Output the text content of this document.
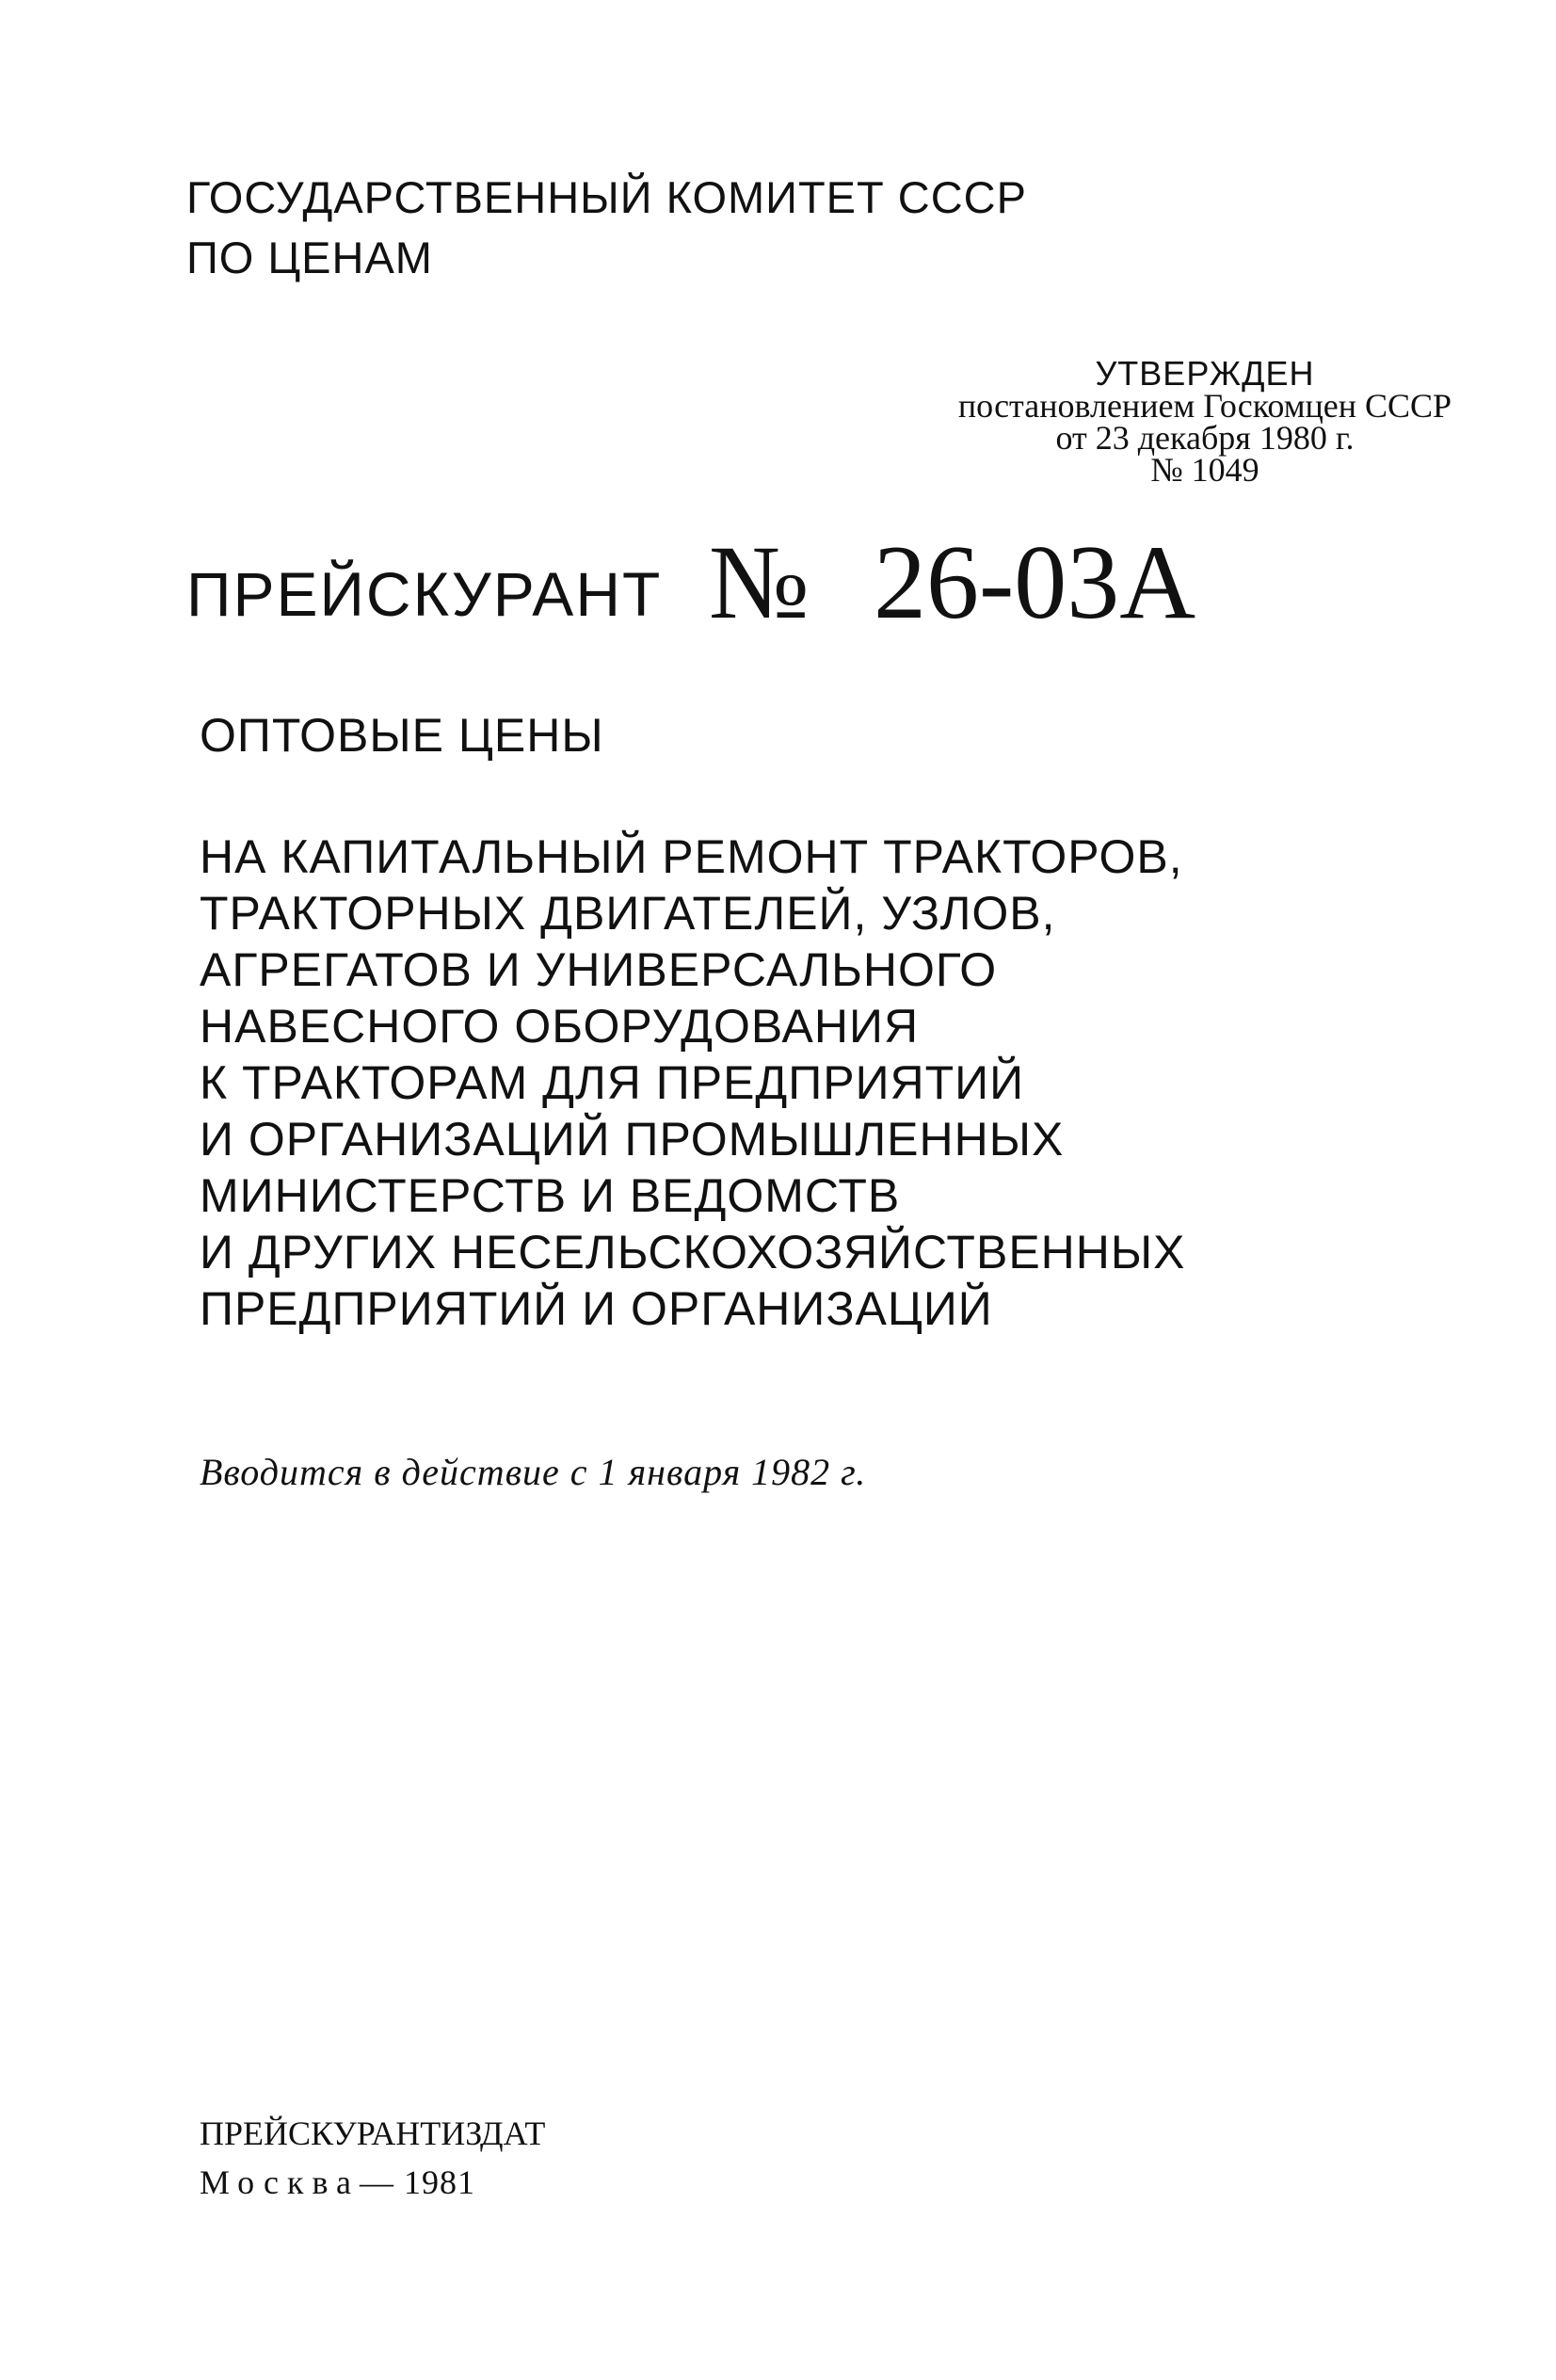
ГОСУДАРСТВЕННЫЙ КОМИТЕТ СССР
ПО ЦЕНАМ
УТВЕРЖДЕН
постановлением Госкомцен СССР
от 23 декабря 1980 г.
№ 1049
ПРЕЙСКУРАНТ № 26-03А
ОПТОВЫЕ ЦЕНЫ
НА КАПИТАЛЬНЫЙ РЕМОНТ ТРАКТОРОВ,
ТРАКТОРНЫХ ДВИГАТЕЛЕЙ, УЗЛОВ,
АГРЕГАТОВ И УНИВЕРСАЛЬНОГО
НАВЕСНОГО ОБОРУДОВАНИЯ
К ТРАКТОРАМ ДЛЯ ПРЕДПРИЯТИЙ
И ОРГАНИЗАЦИЙ ПРОМЫШЛЕННЫХ
МИНИСТЕРСТВ И ВЕДОМСТВ
И ДРУГИХ НЕСЕЛЬСКОХОЗЯЙСТВЕННЫХ
ПРЕДПРИЯТИЙ И ОРГАНИЗАЦИЙ
Вводится в действие с 1 января 1982 г.
ПРЕЙСКУРАНТИЗДАТ
Москва— 1981
